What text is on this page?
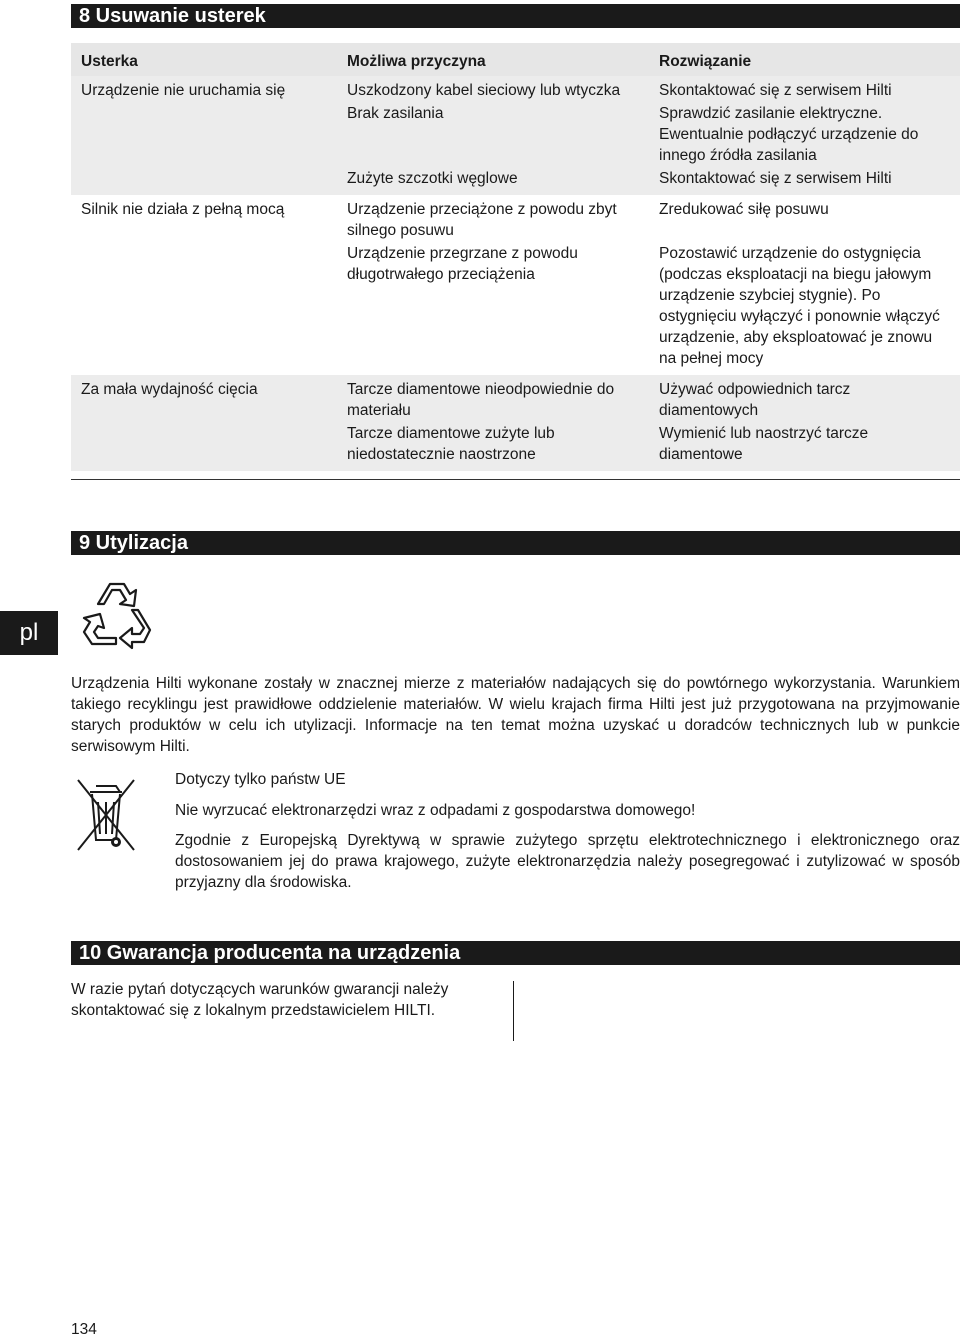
8 Usuwanie usterek
Usterka	Możliwa przyczyna	Rozwiązanie
Urządzenie nie uruchamia się	Uszkodzony kabel sieciowy lub wtyczka	Skontaktować się z serwisem Hilti
	Brak zasilania	Sprawdzić zasilanie elektryczne. Ewentualnie podłączyć urządzenie do innego źródła zasilania
	Zużyte szczotki węglowe	Skontaktować się z serwisem Hilti
Silnik nie działa z pełną mocą	Urządzenie przeciążone z powodu zbyt silnego posuwu	Zredukować siłę posuwu
	Urządzenie przegrzane z powodu długotrwałego przeciążenia	Pozostawić urządzenie do ostygnięcia (podczas eksploatacji na biegu jałowym urządzenie szybciej stygnie). Po ostygnięciu wyłączyć i ponownie włączyć urządzenie, aby eksploatować je znowu na pełnej mocy
Za mała wydajność cięcia	Tarcze diamentowe nieodpowiednie do materiału	Używać odpowiednich tarcz diamentowych
	Tarcze diamentowe zużyte lub niedostatecznie naostrzone	Wymienić lub naostrzyć tarcze diamentowe
9 Utylizacja
pl
Urządzenia Hilti wykonane zostały w znacznej mierze z materiałów nadających się do powtórnego wykorzystania. Warunkiem takiego recyklingu jest prawidłowe oddzielenie materiałów. W wielu krajach firma Hilti jest już przygotowana na przyjmowanie starych produktów w celu ich utylizacji. Informacje na ten temat można uzyskać u doradców technicznych lub w punkcie serwisowym Hilti.
Dotyczy tylko państw UE
Nie wyrzucać elektronarzędzi wraz z odpadami z gospodarstwa domowego!
Zgodnie z Europejską Dyrektywą w sprawie zużytego sprzętu elektrotechnicznego i elektronicznego oraz dostosowaniem jej do prawa krajowego, zużyte elektronarzędzia należy posegregować i zutylizować w sposób przyjazny dla środowiska.
10 Gwarancja producenta na urządzenia
W razie pytań dotyczących warunków gwarancji należy skontaktować się z lokalnym przedstawicielem HILTI.
134
